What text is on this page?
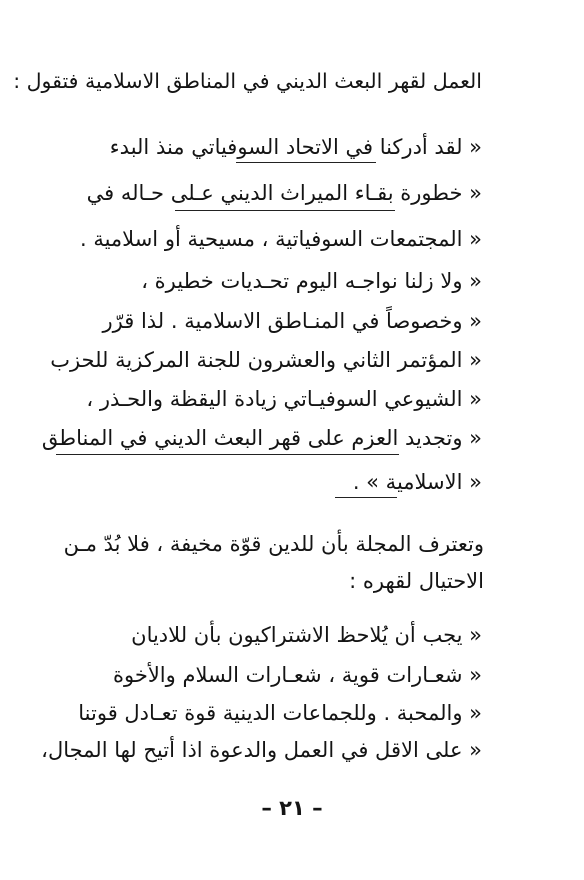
العمل لقهر البعث الديني في المناطق الاسلامية فتقول :
« لقد أدركنا في الاتحاد السوفياتي منذ البدء
« خطورة بقـاء الميراث الديني عـلى حـاله في
« المجتمعات السوفياتية ، مسيحية أو اسلامية .
« ولا زلنا نواجـه اليوم تحـديات خطيرة ،
« وخصوصاً في المنـاطق الاسلامية . لذا قرّر
« المؤتمر الثاني والعشرون للجنة المركزية للحزب
« الشيوعي السوفيـاتي زيادة اليقظة والحـذر ،
« وتجديد العزم على قهر البعث الديني في المناطق
« الاسلامية » .
وتعترف المجلة بأن للدين قوّة مخيفة ، فلا بُدّ مـن
الاحتيال لقهره :
« يجب أن يُلاحظ الاشتراكيون بأن للاديان
« شعـارات قوية ، شعـارات السلام والأخوة
« والمحبة . وللجماعات الدينية قوة تعـادل قوتنا
« على الاقل في العمل والدعوة اذا أتيح لها المجال،
– ٢١ –
